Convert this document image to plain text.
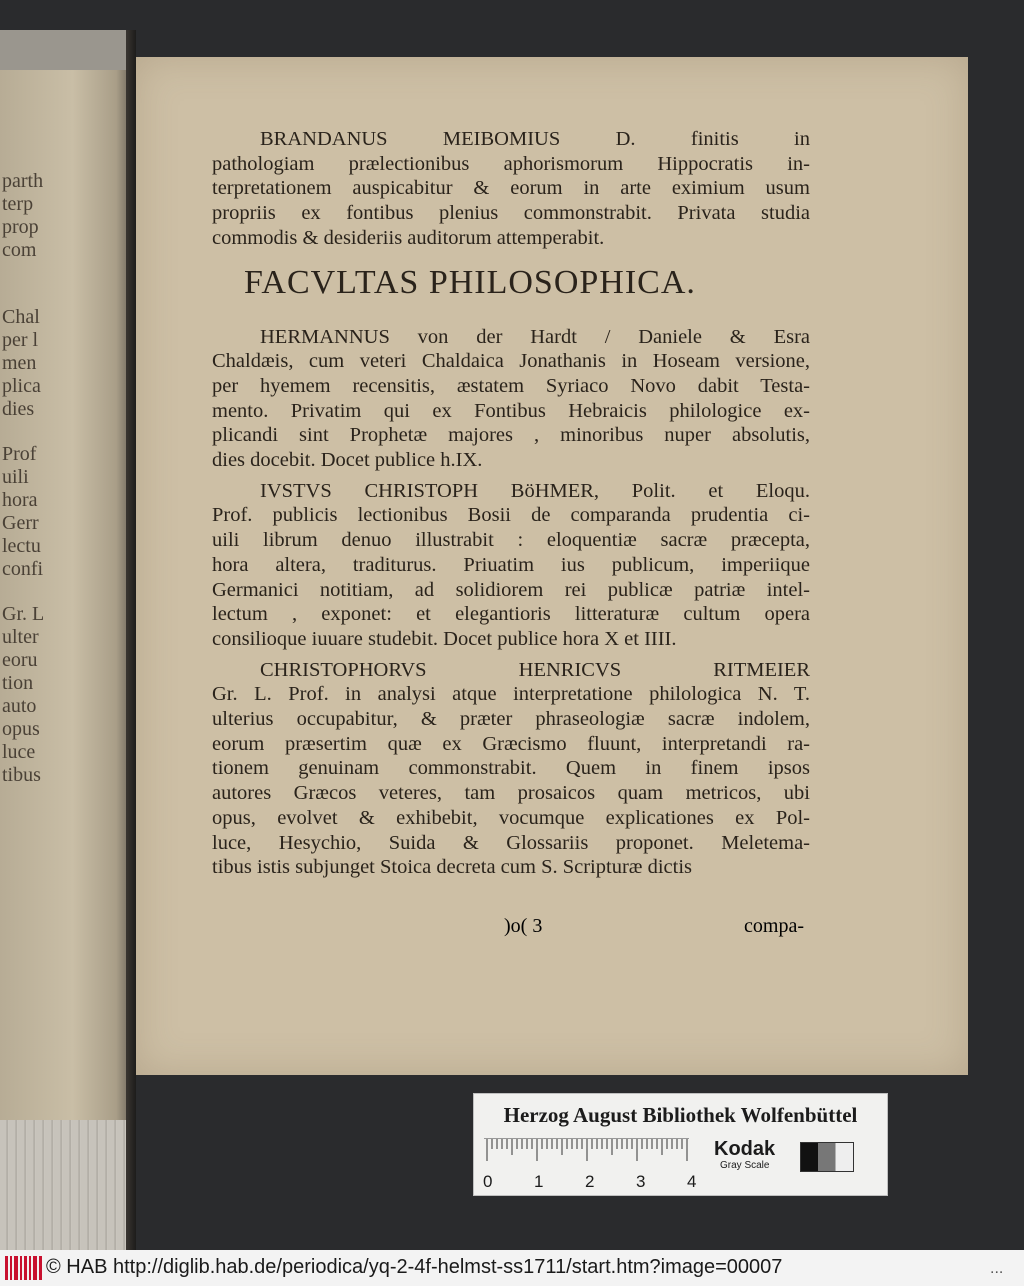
parth
terp
prop
com
Chal
per l
men
plica
dies
Prof
uili
hora
Gerr
lectu
confi
Gr. L
ulter
eoru
tion
auto
opus
luce
tibus
BRANDANUS MEIBOMIUS D. finitis in
pathologiam prælectionibus aphorismorum Hippocratis in-
terpretationem auspicabitur & eorum in arte eximium usum
propriis ex fontibus plenius commonstrabit. Privata studia
commodis & desideriis auditorum attemperabit.
FACVLTAS PHILOSOPHICA.
HERMANNUS von der Hardt / Daniele & Esra
Chaldæis, cum veteri Chaldaica Jonathanis in Hoseam versione,
per hyemem recensitis, æstatem Syriaco Novo dabit Testa-
mento. Privatim qui ex Fontibus Hebraicis philologice ex-
plicandi sint Prophetæ majores , minoribus nuper absolutis,
dies docebit. Docet publice h.IX.
IVSTVS CHRISTOPH BöHMER, Polit. et Eloqu.
Prof. publicis lectionibus Bosii de comparanda prudentia ci-
uili librum denuo illustrabit : eloquentiæ sacræ præcepta,
hora altera, traditurus. Priuatim ius publicum, imperiique
Germanici notitiam, ad solidiorem rei publicæ patriæ intel-
lectum , exponet: et elegantioris litteraturæ cultum opera
consilioque iuuare studebit. Docet publice hora X et IIII.
CHRISTOPHORVS HENRICVS RITMEIER
Gr. L. Prof. in analysi atque interpretatione philologica N. T.
ulterius occupabitur, & præter phraseologiæ sacræ indolem,
eorum præsertim quæ ex Græcismo fluunt, interpretandi ra-
tionem genuinam commonstrabit. Quem in finem ipsos
autores Græcos veteres, tam prosaicos quam metricos, ubi
opus, evolvet & exhibebit, vocumque explicationes ex Pol-
luce, Hesychio, Suida & Glossariis proponet. Meletema-
tibus istis subjunget Stoica decreta cum S. Scripturæ dictis
)o( 3	compa-
Herzog August Bibliothek Wolfenbüttel
0 1 2 3 4
Kodak
Gray Scale
© HAB http://diglib.hab.de/periodica/yq-2-4f-helmst-ss1711/start.htm?image=00007	...
